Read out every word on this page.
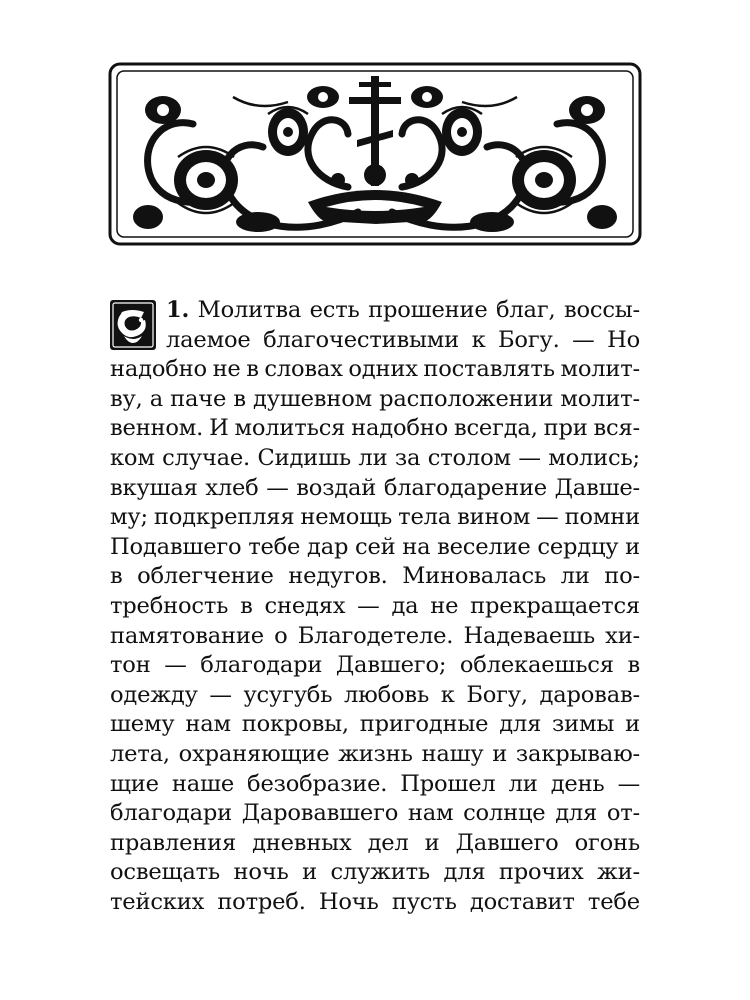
1. Молитва есть прошение благ, воссы-
лаемое благочестивыми к Богу. — Но
надобно не в словах одних поставлять молит-
ву, а паче в душевном расположении молит-
венном. И молиться надобно всегда, при вся-
ком случае. Сидишь ли за столом — молись;
вкушая хлеб — воздай благодарение Давше-
му; подкрепляя немощь тела вином — помни
Подавшего тебе дар сей на веселие сердцу и
в облегчение недугов. Миновалась ли по-
требность в снедях — да не прекращается
памятование о Благодетеле. Надеваешь хи-
тон — благодари Давшего; облекаешься в
одежду — усугубь любовь к Богу, даровав-
шему нам покровы, пригодные для зимы и
лета, охраняющие жизнь нашу и закрываю-
щие наше безобразие. Прошел ли день —
благодари Даровавшего нам солнце для от-
правления дневных дел и Давшего огонь
освещать ночь и служить для прочих жи-
тейских потреб. Ночь пусть доставит тебе
